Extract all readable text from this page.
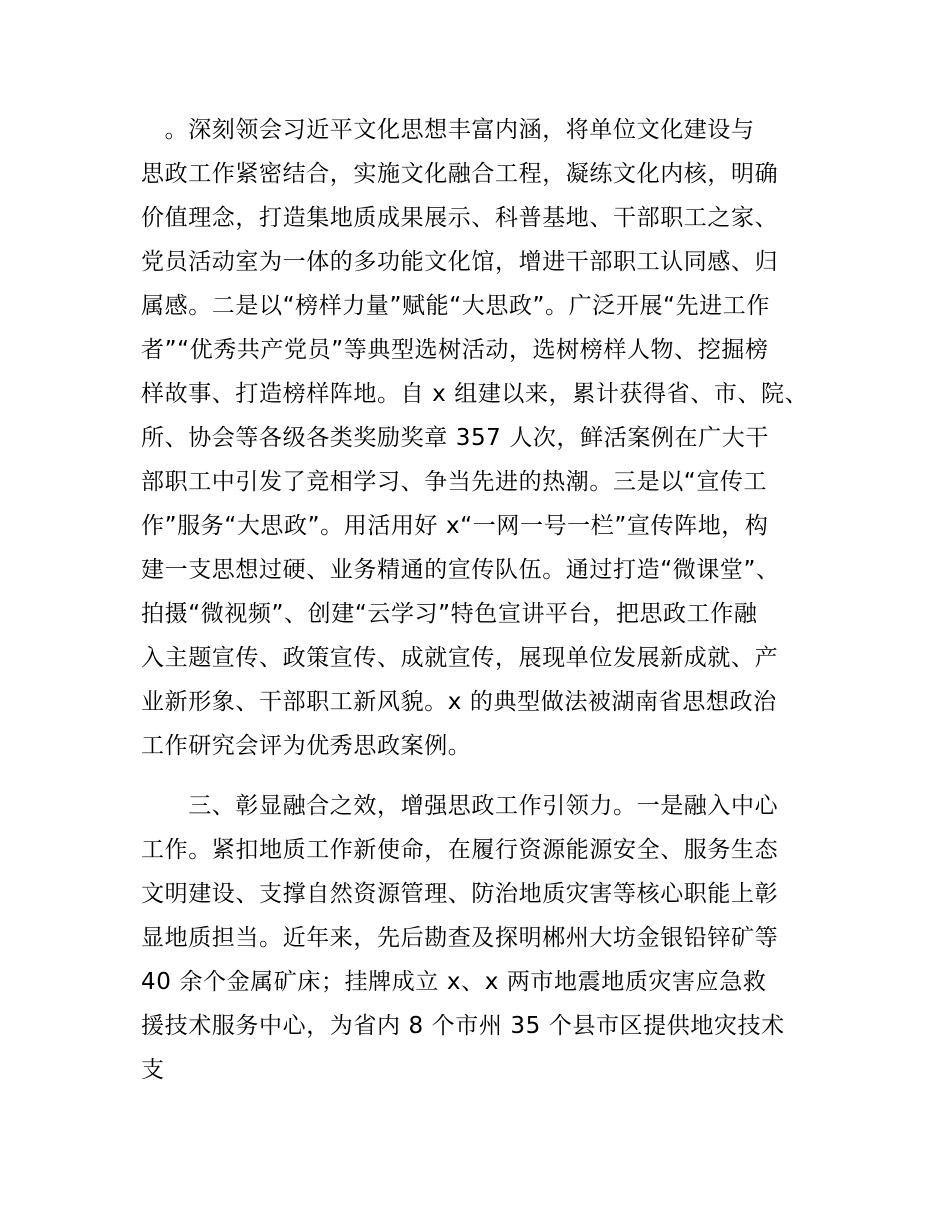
　。深刻领会习近平文化思想丰富内涵，将单位文化建设与
思政工作紧密结合，实施文化融合工程，凝练文化内核，明确
价值理念，打造集地质成果展示、科普基地、干部职工之家、
党员活动室为一体的多功能文化馆，增进干部职工认同感、归
属感。二是以“榜样力量”赋能“大思政”。广泛开展“先进工作
者”“优秀共产党员”等典型选树活动，选树榜样人物、挖掘榜
样故事、打造榜样阵地。自 x 组建以来，累计获得省、市、院、
所、协会等各级各类奖励奖章 357 人次，鲜活案例在广大干
部职工中引发了竞相学习、争当先进的热潮。三是以“宣传工
作”服务“大思政”。用活用好 x“一网一号一栏”宣传阵地，构
建一支思想过硬、业务精通的宣传队伍。通过打造“微课堂”、
拍摄“微视频”、创建“云学习”特色宣讲平台，把思政工作融
入主题宣传、政策宣传、成就宣传，展现单位发展新成就、产
业新形象、干部职工新风貌。x 的典型做法被湖南省思想政治
工作研究会评为优秀思政案例。
　　三、彰显融合之效，增强思政工作引领力。一是融入中心
工作。紧扣地质工作新使命，在履行资源能源安全、服务生态
文明建设、支撑自然资源管理、防治地质灾害等核心职能上彰
显地质担当。近年来，先后勘查及探明郴州大坊金银铅锌矿等
40 余个金属矿床；挂牌成立 x、x 两市地震地质灾害应急救
援技术服务中心，为省内 8 个市州 35 个县市区提供地灾技术
支
